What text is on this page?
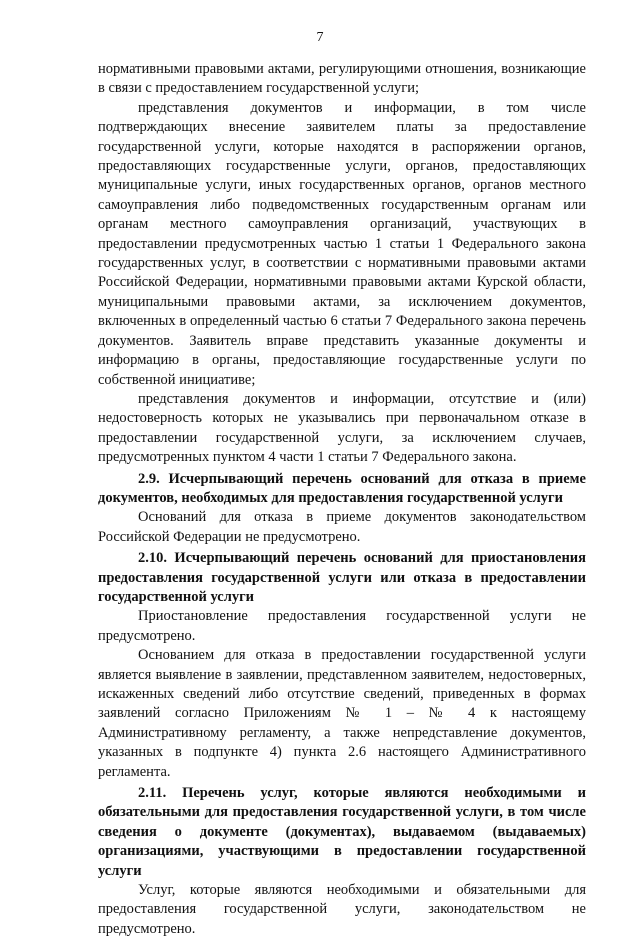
7

нормативными правовыми актами, регулирующими отношения, возникающие в связи с предоставлением государственной услуги;

представления документов и информации, в том числе подтверждающих внесение заявителем платы за предоставление государственной услуги, которые находятся в распоряжении органов, предоставляющих государственные услуги, органов, предоставляющих муниципальные услуги, иных государственных органов, органов местного самоуправления либо подведомственных государственным органам или органам местного самоуправления организаций, участвующих в предоставлении предусмотренных частью 1 статьи 1 Федерального закона государственных услуг, в соответствии с нормативными правовыми актами Российской Федерации, нормативными правовыми актами Курской области, муниципальными правовыми актами, за исключением документов, включенных в определенный частью 6 статьи 7 Федерального закона перечень документов. Заявитель вправе представить указанные документы и информацию в органы, предоставляющие государственные услуги по собственной инициативе;

представления документов и информации, отсутствие и (или) недостоверность которых не указывались при первоначальном отказе в предоставлении государственной услуги, за исключением случаев, предусмотренных пунктом 4 части 1 статьи 7 Федерального закона.

2.9. Исчерпывающий перечень оснований для отказа в приеме документов, необходимых для предоставления государственной услуги

Оснований для отказа в приеме документов законодательством Российской Федерации не предусмотрено.

2.10. Исчерпывающий перечень оснований для приостановления предоставления государственной услуги или отказа в предоставлении государственной услуги

Приостановление предоставления государственной услуги не предусмотрено.

Основанием для отказа в предоставлении государственной услуги является выявление в заявлении, представленном заявителем, недостоверных, искаженных сведений либо отсутствие сведений, приведенных в формах заявлений согласно Приложениям № 1 – № 4 к настоящему Административному регламенту, а также непредставление документов, указанных в подпункте 4) пункта 2.6 настоящего Административного регламента.

2.11. Перечень услуг, которые являются необходимыми и обязательными для предоставления государственной услуги, в том числе сведения о документе (документах), выдаваемом (выдаваемых) организациями, участвующими в предоставлении государственной услуги

Услуг, которые являются необходимыми и обязательными для предоставления государственной услуги, законодательством не предусмотрено.
